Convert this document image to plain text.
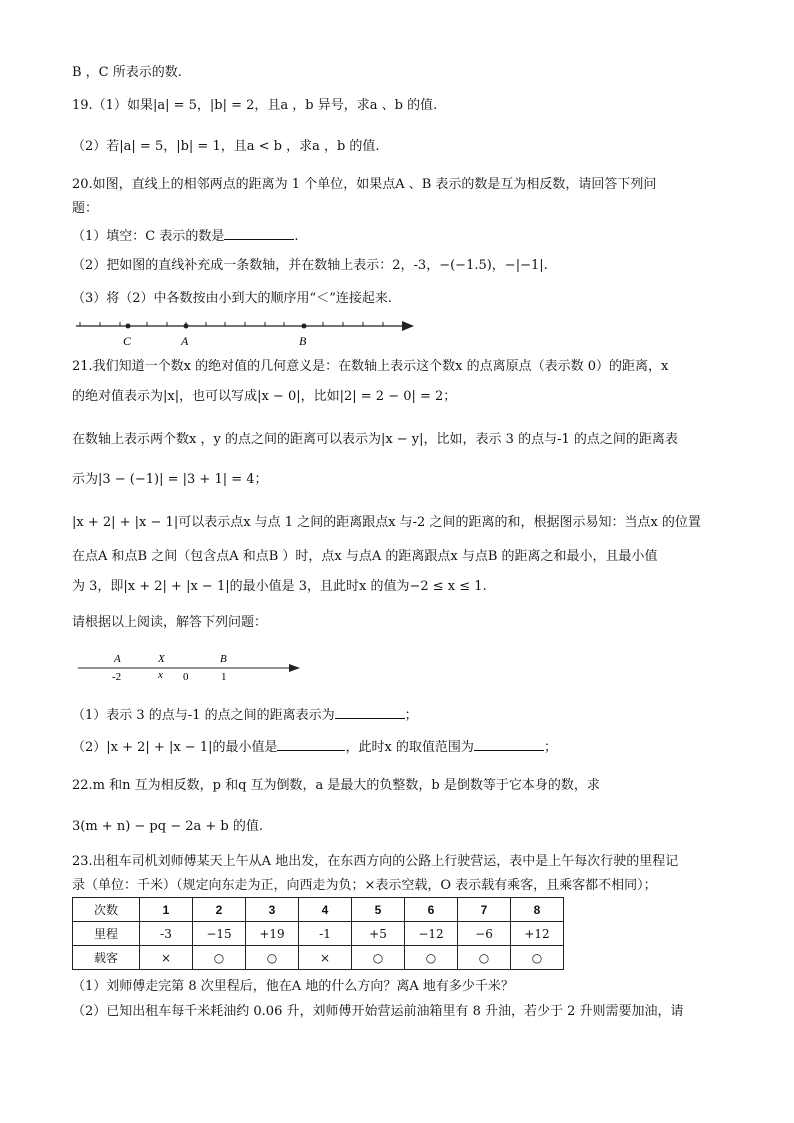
B ，C 所表示的数.
19.（1）如果|a| = 5，|b| = 2，且a ，b 异号，求a 、b 的值.
（2）若|a| = 5，|b| = 1，且a < b ，求a ，b 的值.
20.如图，直线上的相邻两点的距离为 1 个单位，如果点A 、B 表示的数是互为相反数，请回答下列问
题：
（1）填空：C 表示的数是	.
（2）把如图的直线补充成一条数轴，并在数轴上表示：2，-3，−(−1.5)，−|−1|.
（3）将（2）中各数按由小到大的顺序用“＜”连接起来.
C	A	B
21.我们知道一个数x 的绝对值的几何意义是：在数轴上表示这个数x 的点离原点（表示数 0）的距离，x
的绝对值表示为|x|，也可以写成|x − 0|，比如|2| = 2 − 0| = 2；
在数轴上表示两个数x ，y 的点之间的距离可以表示为|x − y|，比如，表示 3 的点与-1 的点之间的距离表
示为|3 − (−1)| = |3 + 1| = 4；
|x + 2| + |x − 1|可以表示点x 与点 1 之间的距离跟点x 与-2 之间的距离的和，根据图示易知：当点x 的位置
在点A 和点B 之间（包含点A 和点B ）时，点x 与点A 的距离跟点x 与点B 的距离之和最小，且最小值
为 3，即|x + 2| + |x − 1|的最小值是 3，且此时x 的值为−2 ≤ x ≤ 1.
请根据以上阅读，解答下列问题：
A	X	B
-2	x 0	1
（1）表示 3 的点与-1 的点之间的距离表示为	；
（2）|x + 2| + |x − 1|的最小值是	，此时x 的取值范围为	；
22.m 和n 互为相反数，p 和q 互为倒数，a 是最大的负整数，b 是倒数等于它本身的数，求
3(m + n) − pq − 2a + b 的值.
23.出租车司机刘师傅某天上午从A 地出发，在东西方向的公路上行驶营运，表中是上午每次行驶的里程记
录（单位：千米）（规定向东走为正，向西走为负；×表示空载，O 表示载有乘客，且乘客都不相同）；
次数	1	2	3	4	5	6	7	8
里程	-3	−15	+19	-1	+5	−12	−6	+12
载客	×	○	○	×	○	○	○	○
（1）刘师傅走完第 8 次里程后，他在A 地的什么方向？离A 地有多少千米？
（2）已知出租车每千米耗油约 0.06 升，刘师傅开始营运前油箱里有 8 升油，若少于 2 升则需要加油，请
